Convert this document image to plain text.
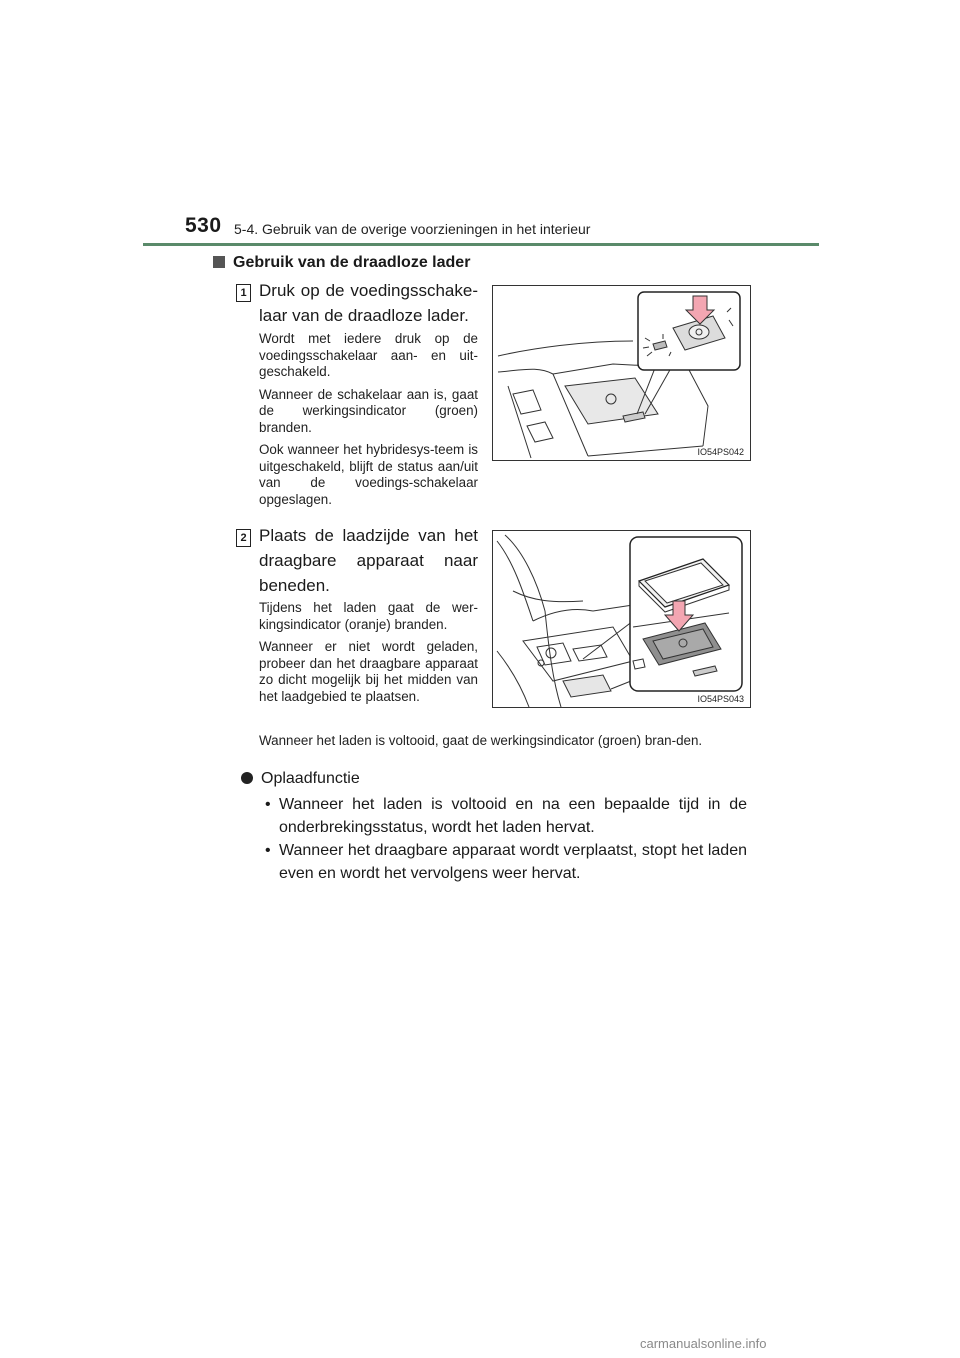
530 5-4. Gebruik van de overige voorzieningen in het interieur
Gebruik van de draadloze lader
1 Druk op de voedingsschake-
laar van de draadloze lader.

Wordt met iedere druk op de voedingsschakelaar aan- en uit-geschakeld.

Wanneer de schakelaar aan is, gaat de werkingsindicator (groen) branden.

Ook wanneer het hybridesys-teem is uitgeschakeld, blijft de status aan/uit van de voedings-schakelaar opgeslagen.

IO54PS042
2 Plaats de laadzijde van het
draagbare apparaat naar
beneden.

Tijdens het laden gaat de wer-kingsindicator (oranje) branden.

Wanneer er niet wordt geladen, probeer dan het draagbare apparaat zo dicht mogelijk bij het midden van het laadgebied te plaatsen.	IO54PS043

Wanneer het laden is voltooid, gaat de werkingsindicator (groen) bran-den.

Oplaadfunctie
• Wanneer het laden is voltooid en na een bepaalde tijd in de onderbrekingsstatus, wordt het laden hervat.
• Wanneer het draagbare apparaat wordt verplaatst, stopt het laden even en wordt het vervolgens weer hervat.
carmanualsonline.info
